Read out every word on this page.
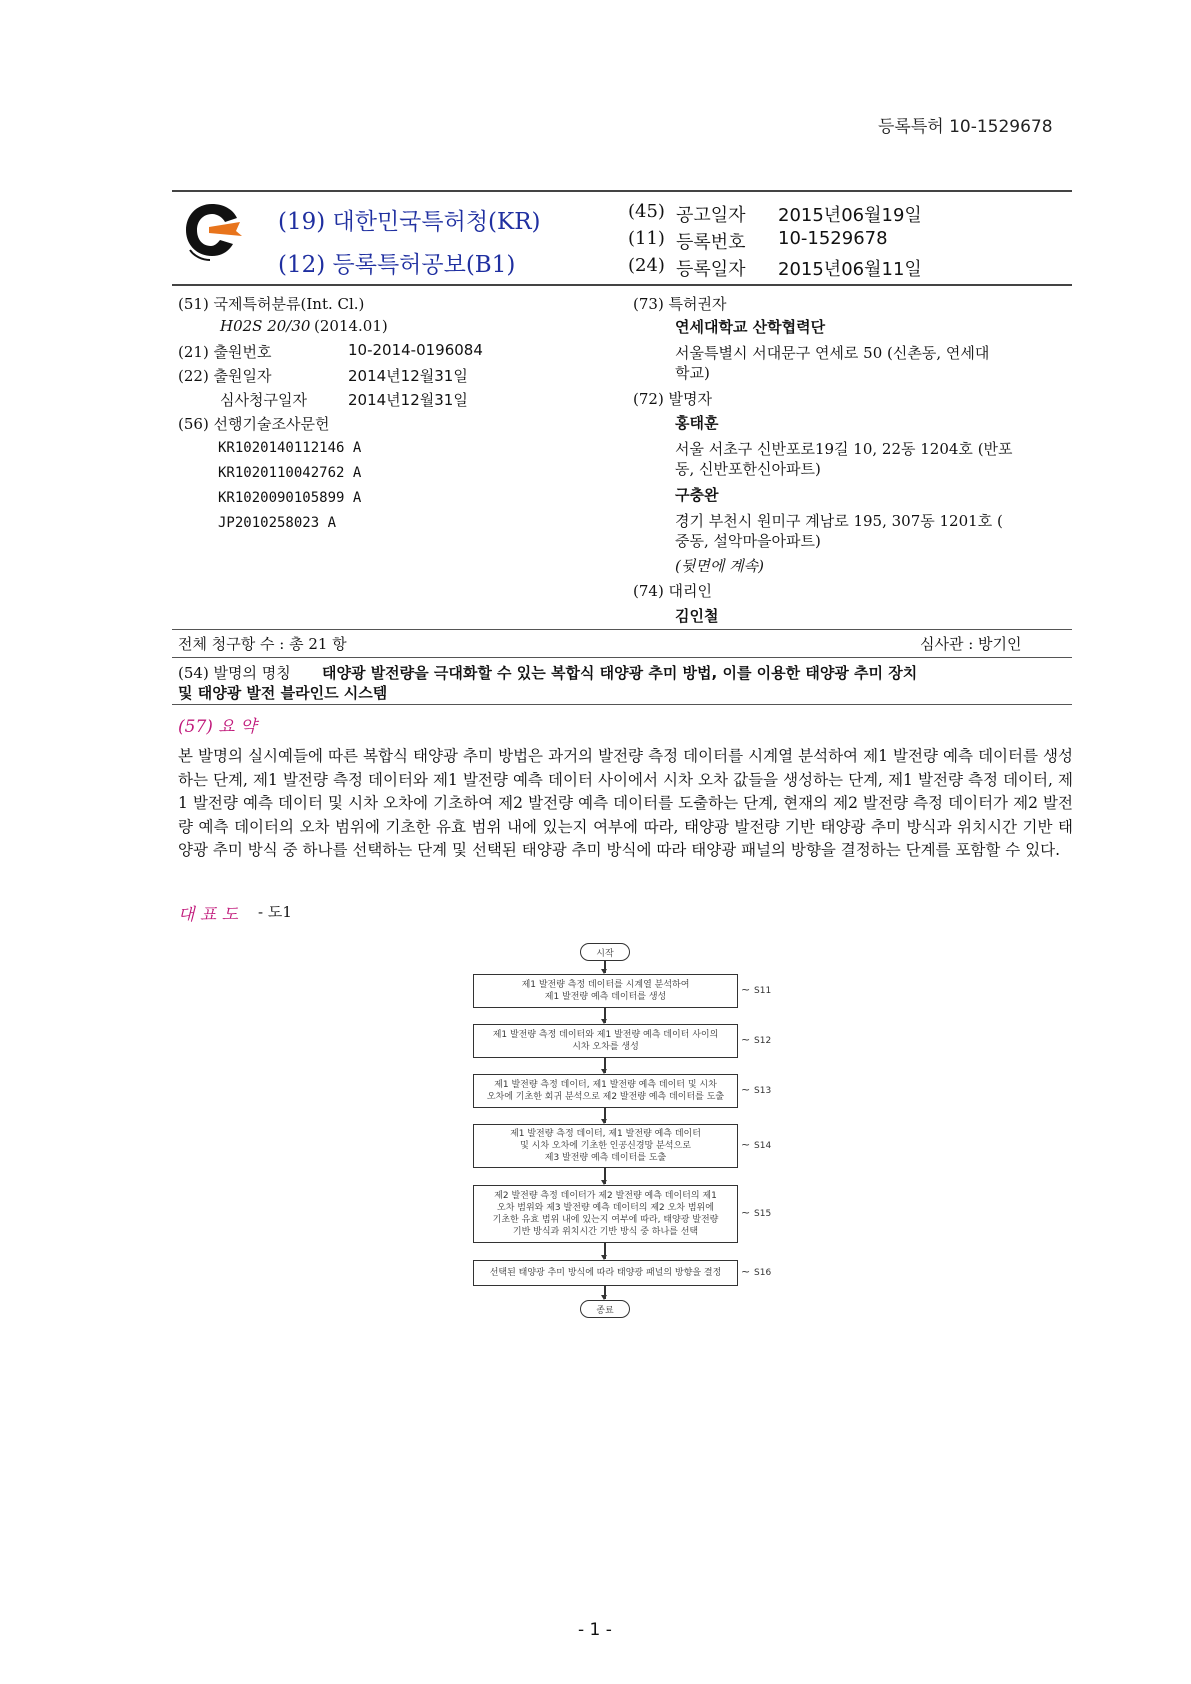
등록특허 10-1529678
(19) 대한민국특허청(KR)
(12) 등록특허공보(B1)
(45) 공고일자 2015년06월19일
(11) 등록번호 10-1529678
(24) 등록일자 2015년06월11일
(51) 국제특허분류(Int. Cl.)
H02S 20/30 (2014.01)
(21) 출원번호	10-2014-0196084
(22) 출원일자	2014년12월31일
심사청구일자	2014년12월31일
(56) 선행기술조사문헌
KR1020140112146 A
KR1020110042762 A
KR1020090105899 A
JP2010258023 A
(73) 특허권자
연세대학교 산학협력단
서울특별시 서대문구 연세로 50 (신촌동, 연세대
학교)
(72) 발명자
홍태훈
서울 서초구 신반포로19길 10, 22동 1204호 (반포
동, 신반포한신아파트)
구충완
경기 부천시 원미구 계남로 195, 307동 1201호 (
중동, 설악마을아파트)
(뒷면에 계속)
(74) 대리인
김인철
전체 청구항 수 : 총 21 항	심사관 : 방기인
(54) 발명의 명칭 태양광 발전량을 극대화할 수 있는 복합식 태양광 추미 방법, 이를 이용한 태양광 추미 장치
및 태양광 발전 블라인드 시스템
(57) 요 약
본 발명의 실시예들에 따른 복합식 태양광 추미 방법은 과거의 발전량 측정 데이터를 시계열 분석하여 제1 발전량 예측 데이터를 생성하는 단계, 제1 발전량 측정 데이터와 제1 발전량 예측 데이터 사이에서 시차 오차 값들을 생성하는 단계, 제1 발전량 측정 데이터, 제1 발전량 예측 데이터 및 시차 오차에 기초하여 제2 발전량 예측 데이터를 도출하는 단계, 현재의 제2 발전량 측정 데이터가 제2 발전량 예측 데이터의 오차 범위에 기초한 유효 범위 내에 있는지 여부에 따라, 태양광 발전량 기반 태양광 추미 방식과 위치시간 기반 태양광 추미 방식 중 하나를 선택하는 단계 및 선택된 태양광 추미 방식에 따라 태양광 패널의 방향을 결정하는 단계를 포함할 수 있다.
대 표 도 - 도1
시작
제1 발전량 측정 데이터를 시계열 분석하여
제1 발전량 예측 데이터를 생성
~ S11
제1 발전량 측정 데이터와 제1 발전량 예측 데이터 사이의
시차 오차를 생성
~ S12
제1 발전량 측정 데이터, 제1 발전량 예측 데이터 및 시차
오차에 기초한 회귀 분석으로 제2 발전량 예측 데이터를 도출
~ S13
제1 발전량 측정 데이터, 제1 발전량 예측 데이터
및 시차 오차에 기초한 인공신경망 분석으로
제3 발전량 예측 데이터를 도출
~ S14
제2 발전량 측정 데이터가 제2 발전량 예측 데이터의 제1
오차 범위와 제3 발전량 예측 데이터의 제2 오차 범위에
기초한 유효 범위 내에 있는지 여부에 따라, 태양광 발전량
기반 방식과 위치시간 기반 방식 중 하나를 선택
~ S15
선택된 태양광 추미 방식에 따라 태양광 패널의 방향을 결정	~ S16
종료
- 1 -
